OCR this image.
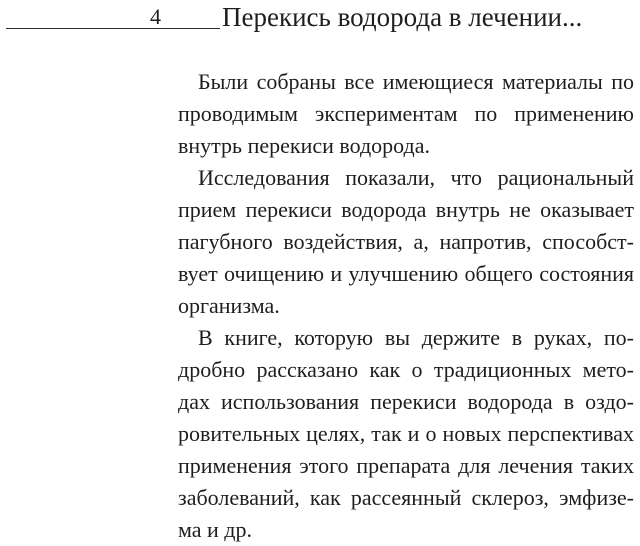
4 Перекись водорода в лечении...
Были собраны все имеющиеся материалы по
проводимым экспериментам по применению
внутрь перекиси водорода.
Исследования показали, что рациональный
прием перекиси водорода внутрь не оказывает
пагубного воздействия, а, напротив, способст-
вует очищению и улучшению общего состояния
организма.
В книге, которую вы держите в руках, по-
дробно рассказано как о традиционных мето-
дах использования перекиси водорода в оздо-
ровительных целях, так и о новых перспективах
применения этого препарата для лечения таких
заболеваний, как рассеянный склероз, эмфизе-
ма и др.
